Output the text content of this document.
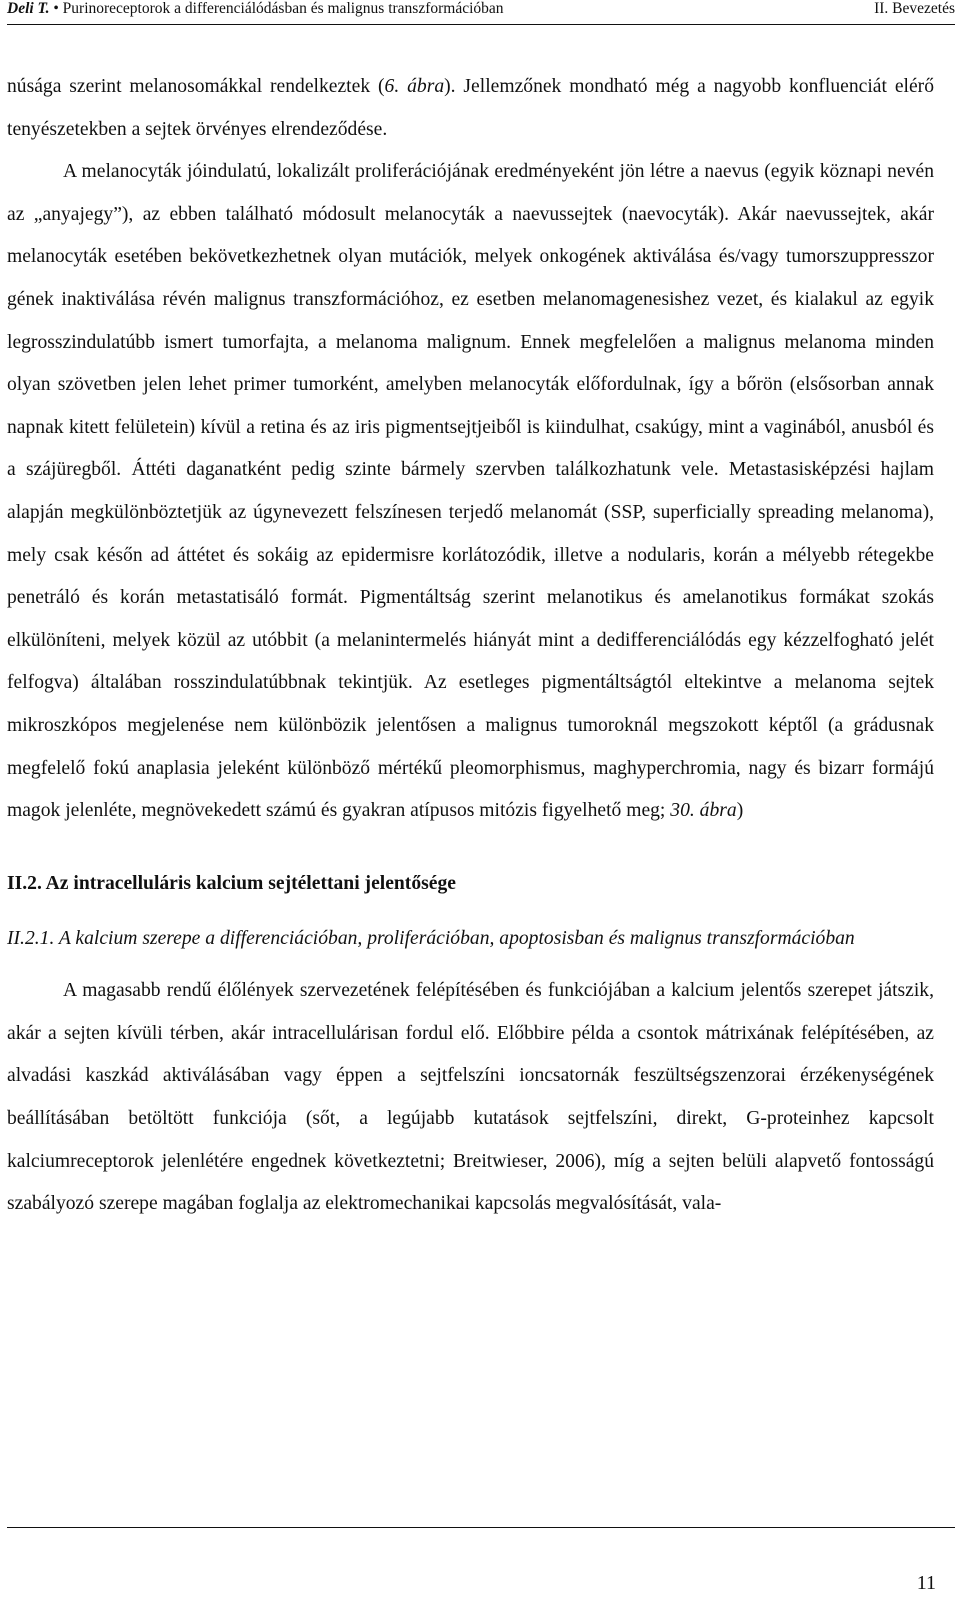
Deli T. • Purinoreceptorok a differenciálódásban és malignus transzformációban	II. Bevezetés

núsága szerint melanosomákkal rendelkeztek (6. ábra). Jellemzőnek mondható még a nagyobb konfluenciát elérő tenyészetekben a sejtek örvényes elrendeződése.

A melanocyták jóindulatú, lokalizált proliferációjának eredményeként jön létre a naevus (egyik köznapi nevén az „anyajegy”), az ebben található módosult melanocyták a naevussejtek (naevocyták). Akár naevussejtek, akár melanocyták esetében bekövetkezhetnek olyan mutációk, melyek onkogének aktiválása és/vagy tumorszuppresszor gének inaktiválása révén malignus transzformációhoz, ez esetben melanomagenesishez vezet, és kialakul az egyik legrosszindulatúbb ismert tumorfajta, a melanoma malignum. Ennek megfelelően a malignus melanoma minden olyan szövetben jelen lehet primer tumorként, amelyben melanocyták előfordulnak, így a bőrön (elsősorban annak napnak kitett felületein) kívül a retina és az iris pigmentsejtjeiből is kiindulhat, csakúgy, mint a vaginából, anusból és a szájüregből. Áttéti daganatként pedig szinte bármely szervben találkozhatunk vele. Metastasisképzési hajlam alapján megkülönböztetjük az úgynevezett felszínesen terjedő melanomát (SSP, superficially spreading melanoma), mely csak későn ad áttétet és sokáig az epidermisre korlátozódik, illetve a nodularis, korán a mélyebb rétegekbe penetráló és korán metastatisáló formát. Pigmentáltság szerint melanotikus és amelanotikus formákat szokás elkülöníteni, melyek közül az utóbbit (a melanintermelés hiányát mint a dedifferenciálódás egy kézzelfogható jelét felfogva) általában rosszindulatúbbnak tekintjük. Az esetleges pigmentáltságtól eltekintve a melanoma sejtek mikroszkópos megjelenése nem különbözik jelentősen a malignus tumoroknál megszokott képtől (a grádusnak megfelelő fokú anaplasia jeleként különböző mértékű pleomorphismus, maghyperchromia, nagy és bizarr formájú magok jelenléte, megnövekedett számú és gyakran atípusos mitózis figyelhető meg; 30. ábra)

II.2. Az intracelluláris kalcium sejtélettani jelentősége

II.2.1. A kalcium szerepe a differenciációban, proliferációban, apoptosisban és malignus transzformációban

A magasabb rendű élőlények szervezetének felépítésében és funkciójában a kalcium jelentős szerepet játszik, akár a sejten kívüli térben, akár intracellulárisan fordul elő. Előbbire példa a csontok mátrixának felépítésében, az alvadási kaszkád aktiválásában vagy éppen a sejtfelszíni ioncsatornák feszültségszenzorai érzékenységének beállításában betöltött funkciója (sőt, a legújabb kutatások sejtfelszíni, direkt, G-proteinhez kapcsolt kalciumreceptorok jelenlétére engednek következtetni; Breitwieser, 2006), míg a sejten belüli alapvető fontosságú szabályozó szerepe magában foglalja az elektromechanikai kapcsolás megvalósítását, vala-

11
